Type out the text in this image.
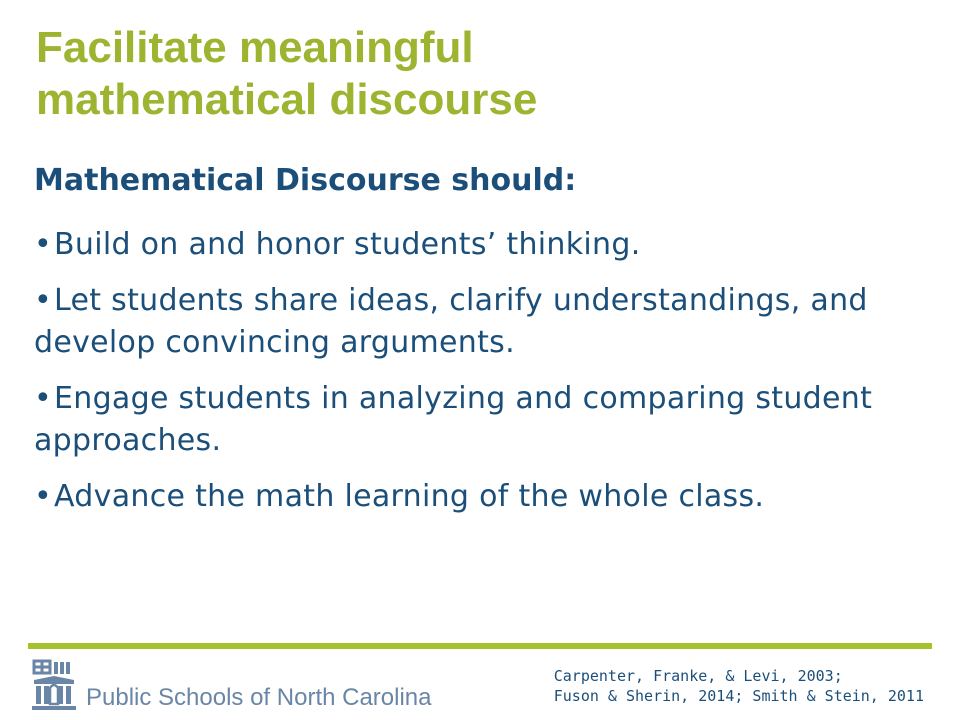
Facilitate meaningful
mathematical discourse

Mathematical Discourse should:

•Build on and honor students’ thinking.
•Let students share ideas, clarify understandings, and develop convincing arguments.
•Engage students in analyzing and comparing student approaches.
•Advance the math learning of the whole class.
Public Schools of North Carolina
Carpenter, Franke, & Levi, 2003;
Fuson & Sherin, 2014; Smith & Stein, 2011
